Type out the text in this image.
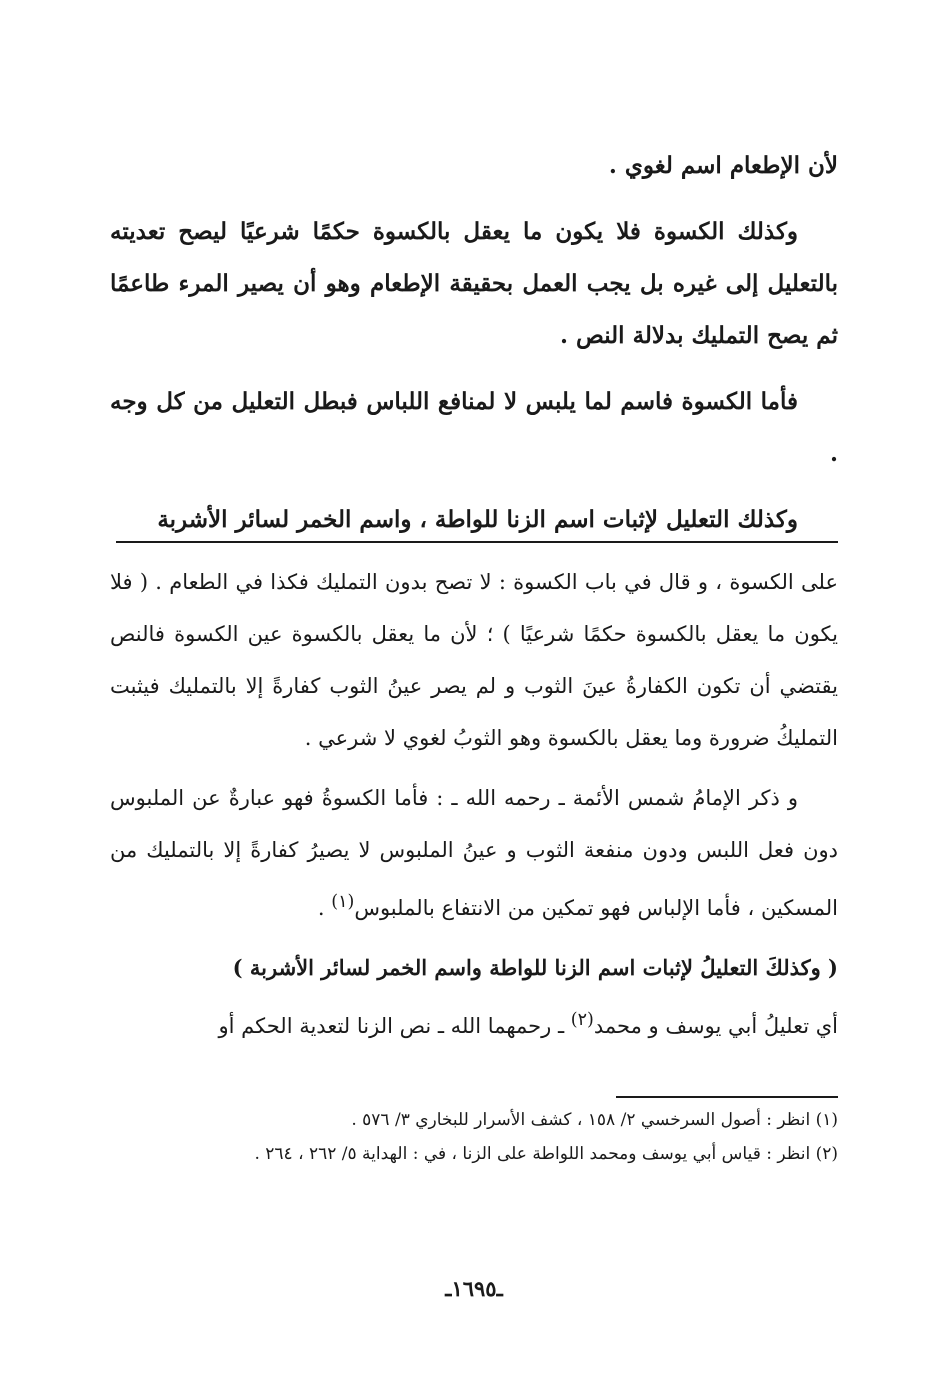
لأن الإطعام اسم لغوي .

وكذلك الكسوة فلا يكون ما يعقل بالكسوة حكمًا شرعيًا ليصح تعديته بالتعليل إلى غيره بل يجب العمل بحقيقة الإطعام وهو أن يصير المرء طاعمًا ثم يصح التمليك بدلالة النص .

فأما الكسوة فاسم لما يلبس لا لمنافع اللباس فبطل التعليل من كل وجه .

وكذلك التعليل لإثبات اسم الزنا للواطة ، واسم الخمر لسائر الأشربة

على الكسوة ، و قال في باب الكسوة : لا تصح بدون التمليك فكذا في الطعام . ( فلا يكون ما يعقل بالكسوة حكمًا شرعيًا ) ؛ لأن ما يعقل بالكسوة عين الكسوة فالنص يقتضي أن تكون الكفارةُ عينَ الثوب و لم يصر عينُ الثوب كفارةً إلا بالتمليك فيثبت التمليكُ ضرورة وما يعقل بالكسوة وهو الثوبُ لغوي لا شرعي .

و ذكر الإمامُ شمس الأئمة ـ رحمه الله ـ : فأما الكسوةُ فهو عبارةٌ عن الملبوس دون فعل اللبس ودون منفعة الثوب و عينُ الملبوس لا يصيرُ كفارةً إلا بالتمليك من المسكين ، فأما الإلباس فهو تمكين من الانتفاع بالملبوس$^{(١)}$ .

( وكذلكَ التعليلُ لإثبات اسم الزنا للواطة واسم الخمر لسائر الأشربة )

أي تعليلُ أبي يوسف و محمد$^{(٢)}$ ـ رحمهما الله ـ نص الزنا لتعدية الحكم أو

(١) انظر : أصول السرخسي ٢/ ١٥٨ ، كشف الأسرار للبخاري ٣/ ٥٧٦ .
(٢) انظر : قياس أبي يوسف ومحمد اللواطة على الزنا ، في : الهداية ٥/ ٢٦٢ ، ٢٦٤ .
ـ١٦٩٥ـ
